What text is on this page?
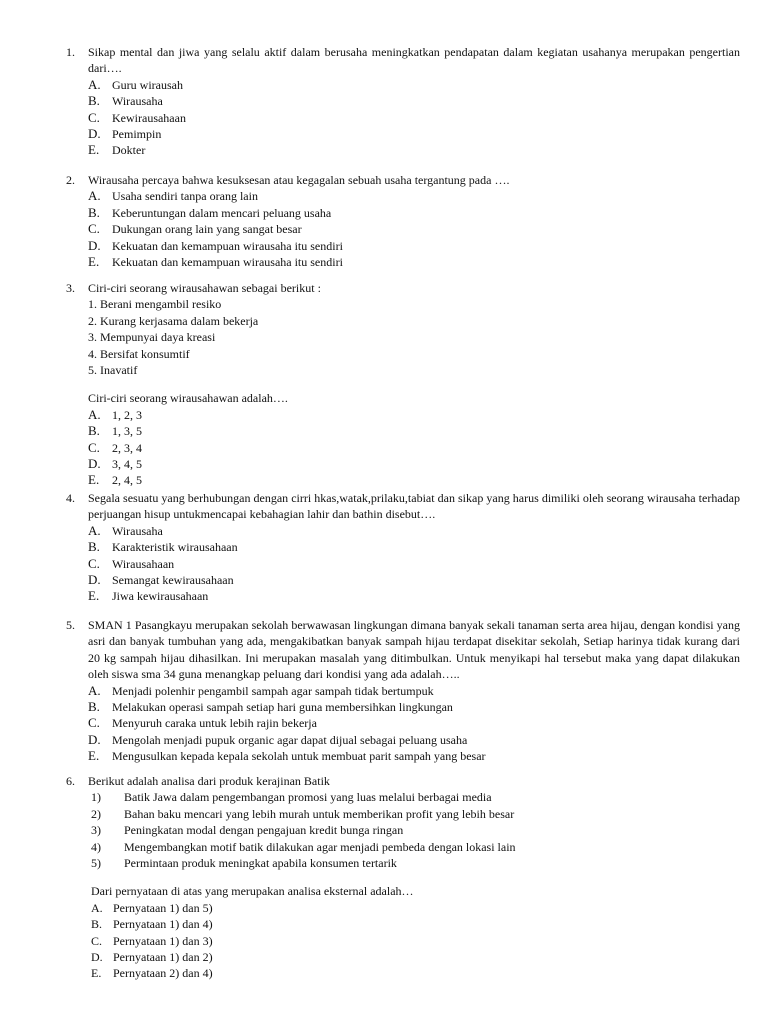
1.	Sikap mental dan jiwa yang selalu aktif dalam berusaha meningkatkan pendapatan dalam kegiatan usahanya merupakan pengertian dari….
A. Guru wirausah
B.	Wirausaha
C.	Kewirausahaan
D. Pemimpin
E.	Dokter
2.	Wirausaha percaya bahwa kesuksesan atau kegagalan sebuah usaha tergantung pada ….
A. Usaha sendiri tanpa orang lain
B.	Keberuntungan dalam mencari peluang usaha
C.	Dukungan orang lain yang sangat besar
D. Kekuatan dan kemampuan wirausaha itu sendiri
E.	Kekuatan dan kemampuan wirausaha itu sendiri
3.	Ciri-ciri seorang wirausahawan sebagai berikut :
1. Berani mengambil resiko
2. Kurang kerjasama dalam bekerja
3. Mempunyai daya kreasi
4. Bersifat konsumtif
5. Inavatif
Ciri-ciri seorang wirausahawan adalah….
A. 1, 2, 3
B.	1, 3, 5
C.	2, 3, 4
D. 3, 4, 5
E.	2, 4, 5
4.	Segala sesuatu yang berhubungan dengan cirri hkas,watak,prilaku,tabiat dan sikap yang harus dimiliki oleh seorang wirausaha terhadap perjuangan hisup untukmencapai kebahagian lahir dan bathin disebut….
A. Wirausaha
B.	Karakteristik wirausahaan
C.	Wirausahaan
D. Semangat kewirausahaan
E.	Jiwa kewirausahaan
5.	SMAN 1 Pasangkayu merupakan sekolah berwawasan lingkungan dimana banyak sekali tanaman serta area hijau, dengan kondisi yang asri dan banyak tumbuhan yang ada, mengakibatkan banyak sampah hijau terdapat disekitar sekolah, Setiap harinya tidak kurang dari 20 kg sampah hijau dihasilkan. Ini merupakan masalah yang ditimbulkan. Untuk menyikapi hal tersebut maka yang dapat dilakukan oleh siswa sma 34 guna menangkap peluang dari kondisi yang ada adalah…..
A. Menjadi polenhir pengambil sampah agar sampah tidak bertumpuk
B.	Melakukan operasi sampah setiap hari guna membersihkan lingkungan
C.	Menyuruh caraka untuk lebih rajin bekerja
D. Mengolah menjadi pupuk organic agar dapat dijual sebagai peluang usaha
E.	Mengusulkan kepada kepala sekolah untuk membuat parit sampah yang besar
6.	Berikut adalah analisa dari produk kerajinan Batik
1)	Batik Jawa dalam pengembangan promosi yang luas melalui berbagai media
2)	Bahan baku mencari yang lebih murah untuk memberikan profit yang lebih besar
3)	Peningkatan modal dengan pengajuan kredit bunga ringan
4)	Mengembangkan motif batik dilakukan agar menjadi pembeda dengan lokasi lain
5)	Permintaan produk meningkat apabila konsumen tertarik
Dari pernyataan di atas yang merupakan analisa eksternal adalah…
A. Pernyataan 1) dan 5)
B. Pernyataan 1) dan 4)
C. Pernyataan 1) dan 3)
D. Pernyataan 1) dan 2)
E. Pernyataan 2) dan 4)
